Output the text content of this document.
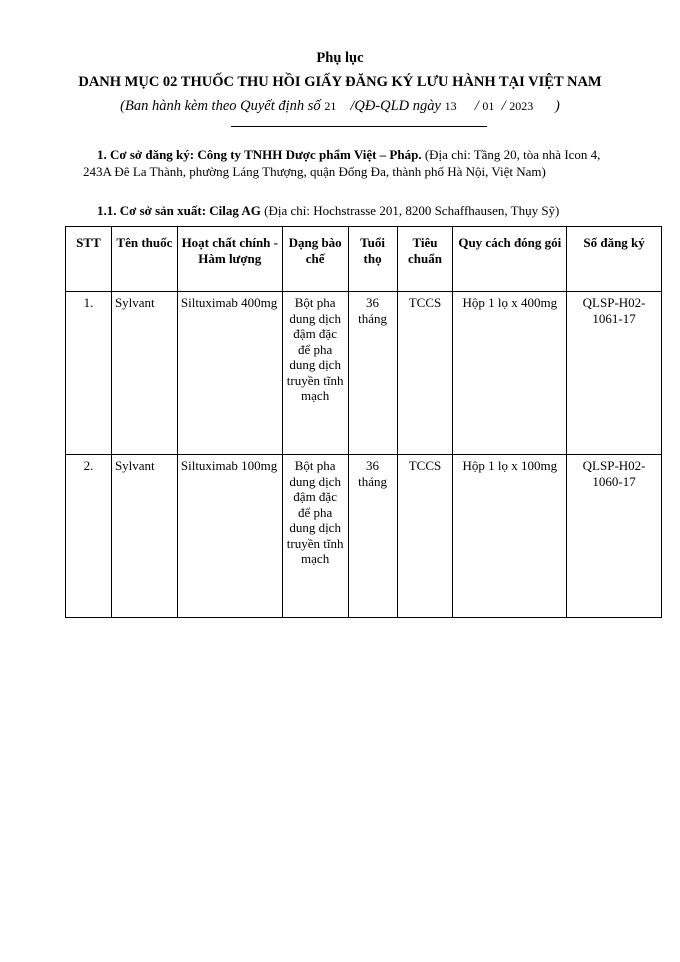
Phụ lục
DANH MỤC 02 THUỐC THU HỒI GIẤY ĐĂNG KÝ LƯU HÀNH TẠI VIỆT NAM
(Ban hành kèm theo Quyết định số 21 /QĐ-QLD ngày 13 / 01 / 2023 )
1. Cơ sở đăng ký: Công ty TNHH Dược phẩm Việt – Pháp. (Địa chỉ: Tầng 20, tòa nhà Icon 4, 243A Đê La Thành, phường Láng Thượng, quận Đống Đa, thành phố Hà Nội, Việt Nam)
1.1. Cơ sở sản xuất: Cilag AG (Địa chỉ: Hochstrasse 201, 8200 Schaffhausen, Thụy Sỹ)
STT	Tên thuốc	Hoạt chất chính - Hàm lượng	Dạng bào chế	Tuổi thọ	Tiêu chuẩn	Quy cách đóng gói	Số đăng ký
1.	Sylvant	Siltuximab 400mg	Bột pha dung dịch đậm đặc để pha dung dịch truyền tĩnh mạch	36 tháng	TCCS	Hộp 1 lọ x 400mg	QLSP-H02-1061-17
2.	Sylvant	Siltuximab 100mg	Bột pha dung dịch đậm đặc để pha dung dịch truyền tĩnh mạch	36 tháng	TCCS	Hộp 1 lọ x 100mg	QLSP-H02-1060-17
